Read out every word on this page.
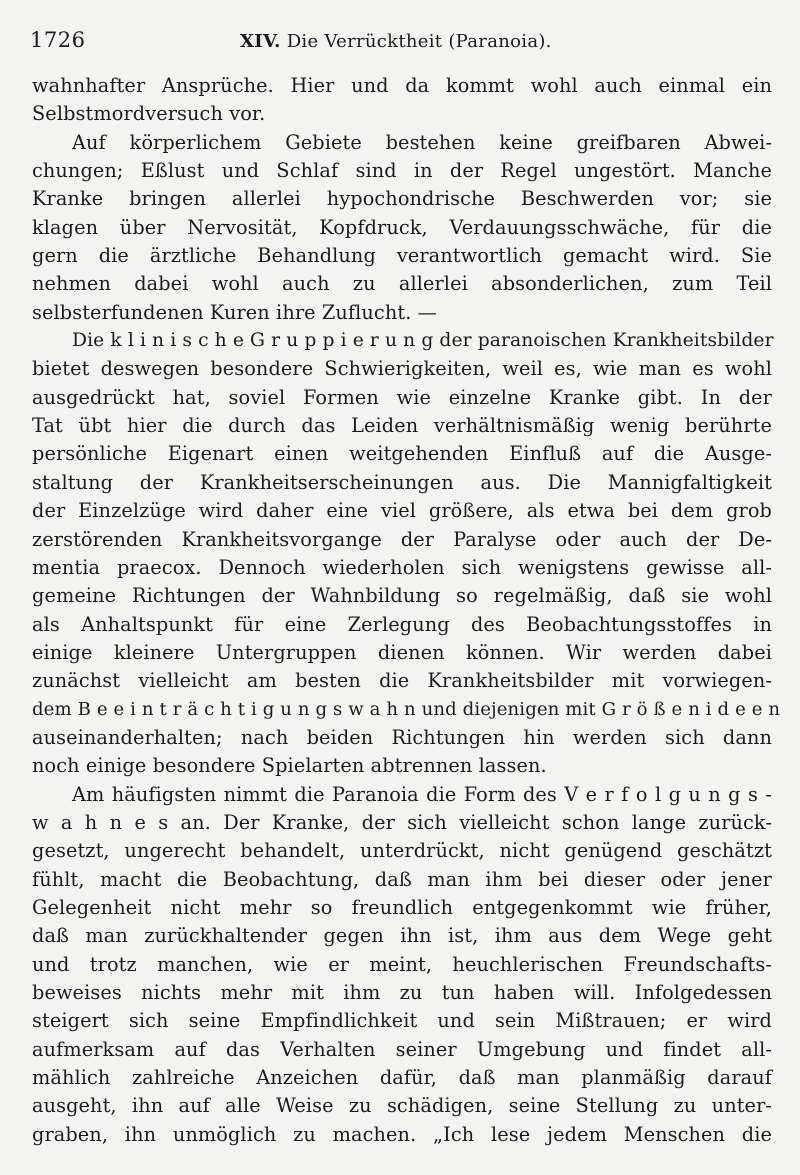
1726	XIV. Die Verrücktheit (Paranoia).
wahnhafter Ansprüche. Hier und da kommt wohl auch einmal ein
Selbstmordversuch vor.
Auf körperlichem Gebiete bestehen keine greifbaren Abwei-
chungen; Eßlust und Schlaf sind in der Regel ungestört. Manche
Kranke bringen allerlei hypochondrische Beschwerden vor; sie
klagen über Nervosität, Kopfdruck, Verdauungsschwäche, für die
gern die ärztliche Behandlung verantwortlich gemacht wird. Sie
nehmen dabei wohl auch zu allerlei absonderlichen, zum Teil
selbsterfundenen Kuren ihre Zuflucht. —
Die k l i n i s c h e G r u p p i e r u n g der paranoischen Krankheitsbilder
bietet deswegen besondere Schwierigkeiten, weil es, wie man es wohl
ausgedrückt hat, soviel Formen wie einzelne Kranke gibt. In der
Tat übt hier die durch das Leiden verhältnismäßig wenig berührte
persönliche Eigenart einen weitgehenden Einfluß auf die Ausge-
staltung der Krankheitserscheinungen aus. Die Mannigfaltigkeit
der Einzelzüge wird daher eine viel größere, als etwa bei dem grob
zerstörenden Krankheitsvorgange der Paralyse oder auch der De-
mentia praecox. Dennoch wiederholen sich wenigstens gewisse all-
gemeine Richtungen der Wahnbildung so regelmäßig, daß sie wohl
als Anhaltspunkt für eine Zerlegung des Beobachtungsstoffes in
einige kleinere Untergruppen dienen können. Wir werden dabei
zunächst vielleicht am besten die Krankheitsbilder mit vorwiegen-
dem B e e i n t r ä c h t i g u n g s w a h n und diejenigen mit G r ö ß e n i d e e n
auseinanderhalten; nach beiden Richtungen hin werden sich dann
noch einige besondere Spielarten abtrennen lassen.
Am häufigsten nimmt die Paranoia die Form des V e r f o l g u n g s -
w a h n e s an. Der Kranke, der sich vielleicht schon lange zurück-
gesetzt, ungerecht behandelt, unterdrückt, nicht genügend geschätzt
fühlt, macht die Beobachtung, daß man ihm bei dieser oder jener
Gelegenheit nicht mehr so freundlich entgegenkommt wie früher,
daß man zurückhaltender gegen ihn ist, ihm aus dem Wege geht
und trotz manchen, wie er meint, heuchlerischen Freundschafts-
beweises nichts mehr mit ihm zu tun haben will. Infolgedessen
steigert sich seine Empfindlichkeit und sein Mißtrauen; er wird
aufmerksam auf das Verhalten seiner Umgebung und findet all-
mählich zahlreiche Anzeichen dafür, daß man planmäßig darauf
ausgeht, ihn auf alle Weise zu schädigen, seine Stellung zu unter-
graben, ihn unmöglich zu machen. „Ich lese jedem Menschen die
